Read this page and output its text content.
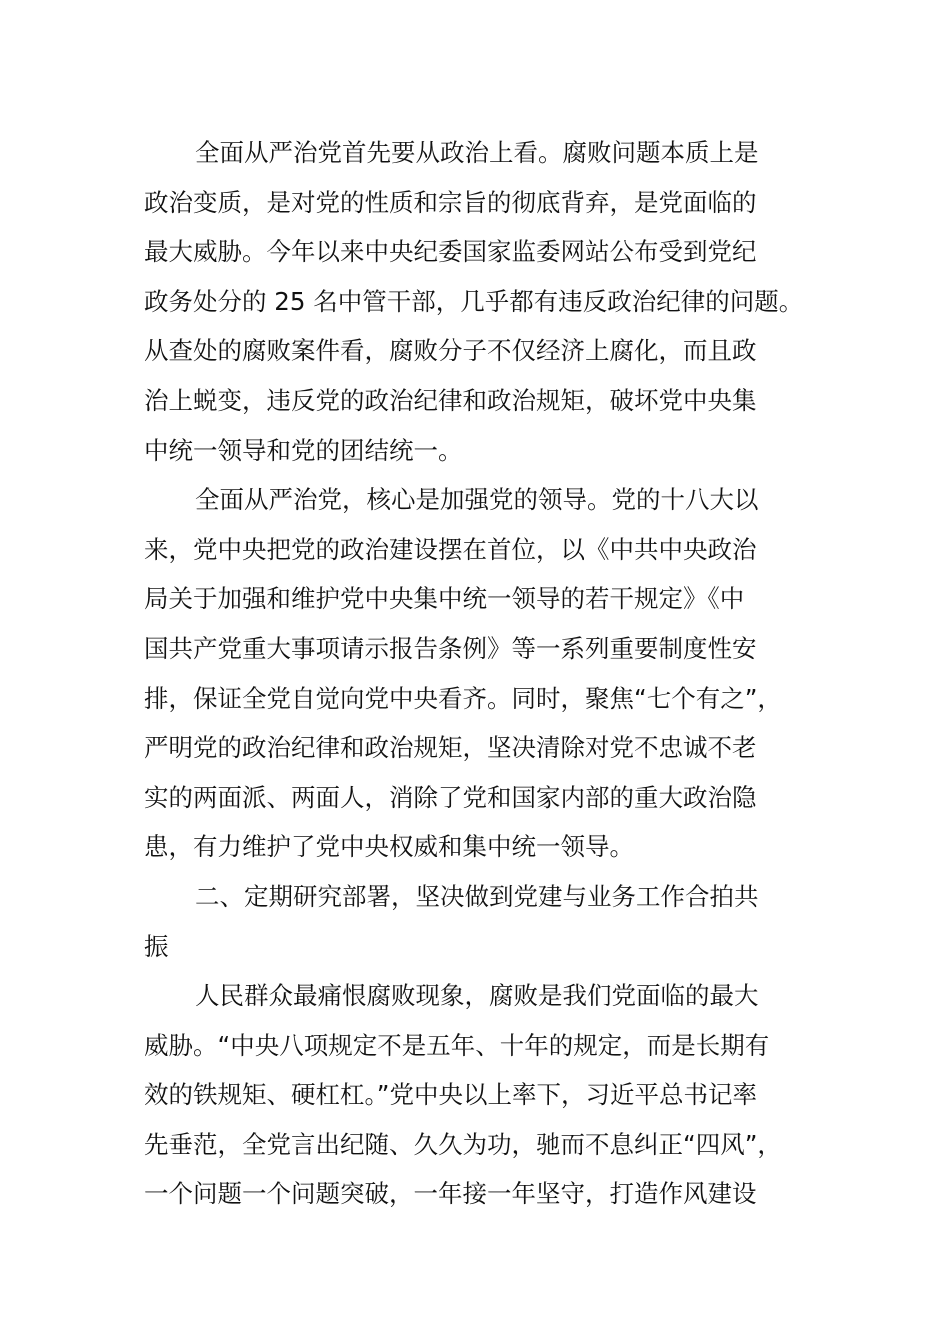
全面从严治党首先要从政治上看。腐败问题本质上是
政治变质，是对党的性质和宗旨的彻底背弃，是党面临的
最大威胁。今年以来中央纪委国家监委网站公布受到党纪
政务处分的 25 名中管干部，几乎都有违反政治纪律的问题。
从查处的腐败案件看，腐败分子不仅经济上腐化，而且政
治上蜕变，违反党的政治纪律和政治规矩，破坏党中央集
中统一领导和党的团结统一。
全面从严治党，核心是加强党的领导。党的十八大以
来，党中央把党的政治建设摆在首位，以《中共中央政治
局关于加强和维护党中央集中统一领导的若干规定》《中
国共产党重大事项请示报告条例》等一系列重要制度性安
排，保证全党自觉向党中央看齐。同时，聚焦“七个有之”，
严明党的政治纪律和政治规矩，坚决清除对党不忠诚不老
实的两面派、两面人，消除了党和国家内部的重大政治隐
患，有力维护了党中央权威和集中统一领导。
二、定期研究部署，坚决做到党建与业务工作合拍共
振
人民群众最痛恨腐败现象，腐败是我们党面临的最大
威胁。“中央八项规定不是五年、十年的规定，而是长期有
效的铁规矩、硬杠杠。”党中央以上率下，习近平总书记率
先垂范，全党言出纪随、久久为功，驰而不息纠正“四风”，
一个问题一个问题突破，一年接一年坚守，打造作风建设
